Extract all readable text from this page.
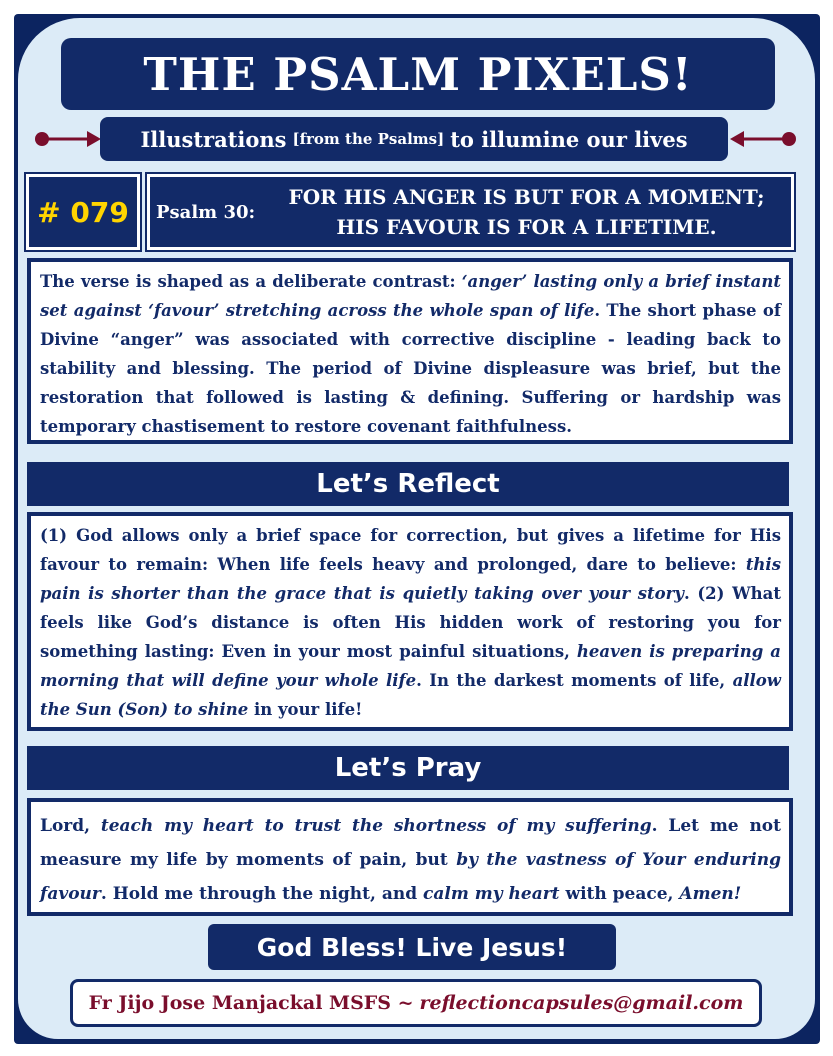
THE PSALM PIXELS!
Illustrations [from the Psalms] to illumine our lives
# 079	Psalm 30:
FOR HIS ANGER IS BUT FOR A MOMENT;
HIS FAVOUR IS FOR A LIFETIME.
The verse is shaped as a deliberate contrast: ‘anger’ lasting only a brief instant set against ‘favour’ stretching across the whole span of life. The short phase of Divine “anger” was associated with corrective discipline - leading back to stability and blessing. The period of Divine displeasure was brief, but the restoration that followed is lasting & defining. Suffering or hardship was temporary chastisement to restore covenant faithfulness.
Let’s Reflect
(1) God allows only a brief space for correction, but gives a lifetime for His favour to remain: When life feels heavy and prolonged, dare to believe: this pain is shorter than the grace that is quietly taking over your story. (2) What feels like God’s distance is often His hidden work of restoring you for something lasting: Even in your most painful situations, heaven is preparing a morning that will define your whole life. In the darkest moments of life, allow the Sun (Son) to shine in your life!
Let’s Pray
Lord, teach my heart to trust the shortness of my suffering. Let me not measure my life by moments of pain, but by the vastness of Your enduring favour. Hold me through the night, and calm my heart with peace, Amen!
God Bless! Live Jesus!
Fr Jijo Jose Manjackal MSFS ~ reflectioncapsules@gmail.com
